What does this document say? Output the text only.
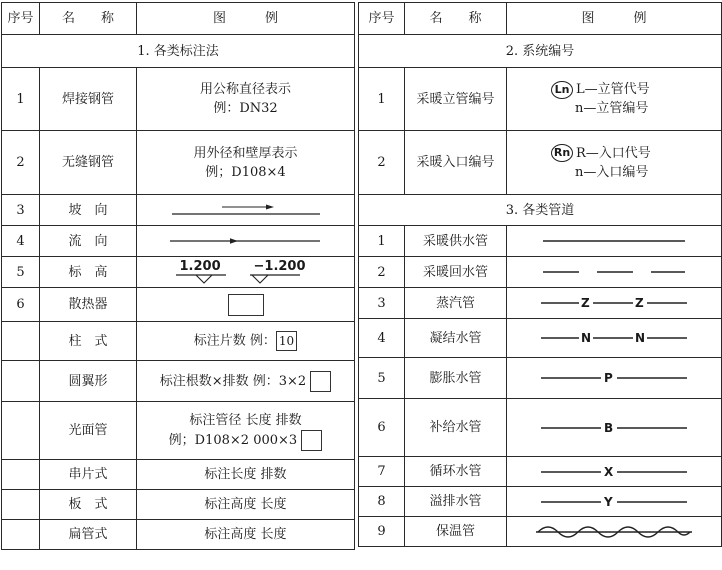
序号	名　　称	图　　　例
1. 各类标注法		
1	焊接钢管	用公称直径表示
例：DN32

2	无缝钢管	用外径和壁厚表示
例；D108×4

3	坡　向	

4	流　向	

5	标　高	1.200 −1.200

6	散热器	
	柱　式	标注片数 例： 10
	圆翼形	标注根数×排数 例：3×2
	光面管	标注管径 长度 排数
例；D108×2 000×3

	串片式	标注长度 排数
	板　式	标注高度 长度
	扁管式	标注高度 长度
序号	名　　称	图　　　例
2. 系统编号		
1	采暖立管编号	Ln L—立管代号
n—立管编号

2	采暖入口编号	Rn R—入口代号
n—入口编号

3. 各类管道		
1	采暖供水管	

2	采暖回水管	

3	蒸汽管	Z Z

4	凝结水管	N N

5	膨胀水管	P

6	补给水管	B

7	循环水管	X

8	溢排水管	Y

9	保温管	
